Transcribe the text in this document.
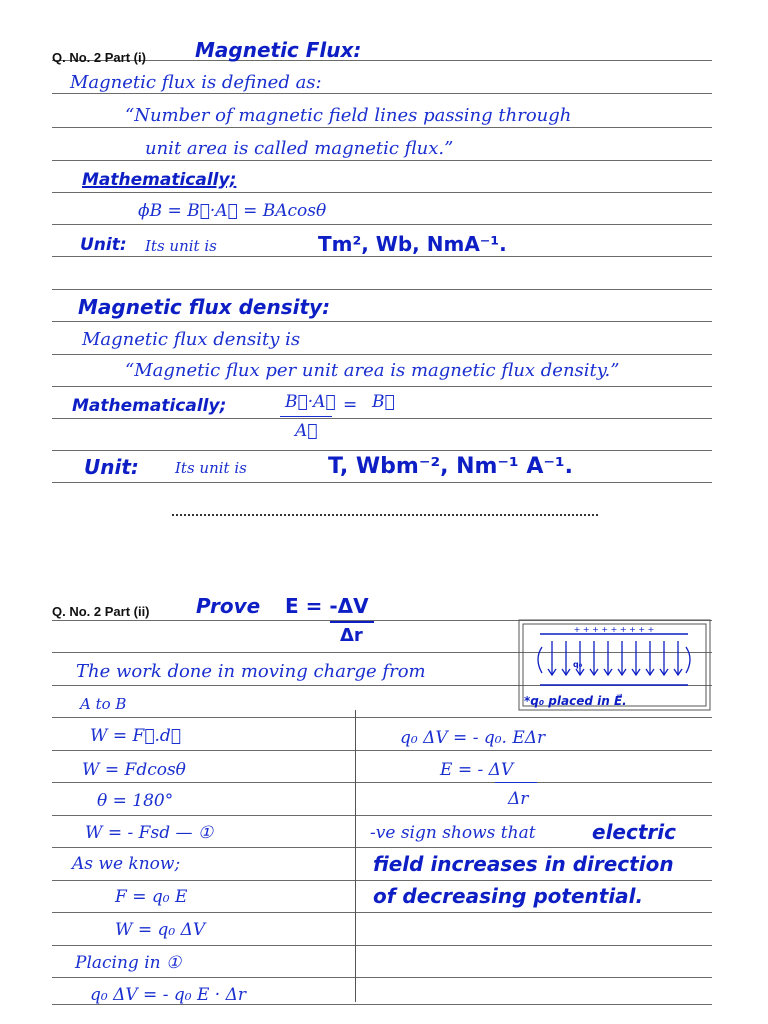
Q. No. 2 Part (i) Magnetic Flux:
Magnetic flux is defined as:
“Number of magnetic field lines passing through
unit area is called magnetic flux.”
Mathematically;
ϕB = B⃗·A⃗ = BAcosθ
Unit: Its unit is	Tm², Wb, NmA⁻¹.
Magnetic flux density:
Magnetic flux density is
“Magnetic flux per unit area is magnetic flux density.”
Mathematically;	B⃗·A⃗ = B⃗
A⃗
Unit: Its unit is	T, Wbm⁻², Nm⁻¹ A⁻¹.
Q. No. 2 Part (ii) Prove E = -ΔV
Δr
The work done in moving charge from
A to B
W = F⃗.d⃗
W = Fdcosθ
θ = 180°
W = - Fsd — ①
As we know;
F = q₀ E
W = q₀ ΔV
Placing in ①
q₀ ΔV = - q₀ E · Δr
q₀ ΔV = - q₀. EΔr
E = - ΔV
Δr
-ve sign shows that	electric
field increases in direction
of decreasing potential.
+ + + + + + + + +
q₀
*q₀ placed in E⃗.
